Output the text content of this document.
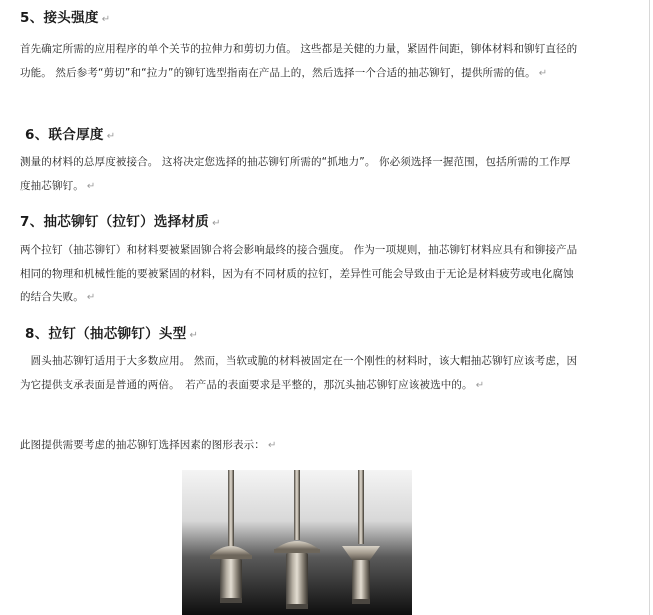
5、接头强度 ↵
首先确定所需的应用程序的单个关节的拉伸力和剪切力值。 这些都是关健的力量，紧固件间距，铆体材料和铆钉直径的功能。 然后参考“剪切”和“拉力”的铆钉选型指南在产品上的，然后选择一个合适的抽芯铆钉，提供所需的值。 ↵
6、联合厚度 ↵
测量的材料的总厚度被接合。 这将决定您选择的抽芯铆钉所需的“抓地力”。 你必须选择一握范围，包括所需的工作厚度抽芯铆钉。 ↵
7、抽芯铆钉（拉钉）选择材质 ↵
两个拉钉（抽芯铆钉）和材料要被紧固铆合将会影响最终的接合强度。 作为一项规则，抽芯铆钉材料应具有和铆接产品相同的物理和机械性能的要被紧固的材料，因为有不同材质的拉钉，差异性可能会导致由于无论是材料疲劳或电化腐蚀的结合失败。 ↵
8、拉钉（抽芯铆钉）头型 ↵
　圆头抽芯铆钉适用于大多数应用。 然而，当软或脆的材料被固定在一个刚性的材料时，该大帽抽芯铆钉应该考虑，因为它提供支承表面是普通的两倍。　若产品的表面要求是平整的，那沉头抽芯铆钉应该被选中的。 ↵
此图提供需要考虑的抽芯铆钉选择因素的图形表示： ↵
